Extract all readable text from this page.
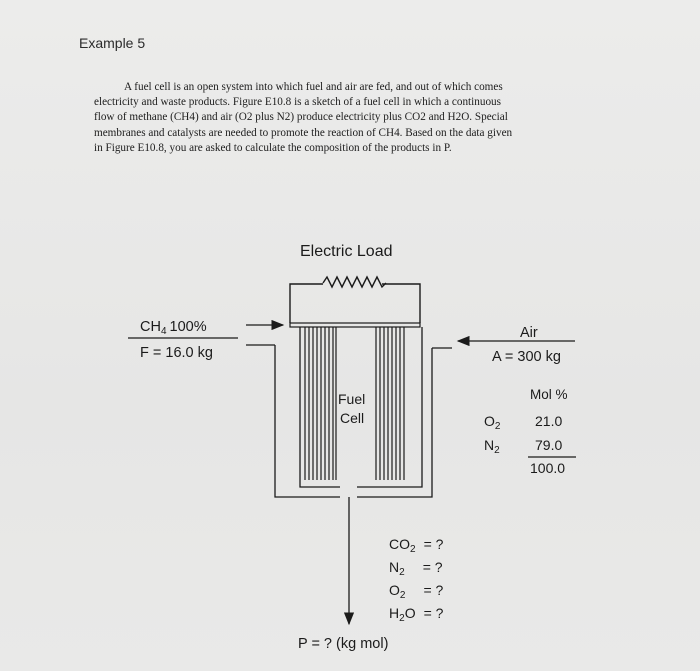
Example 5
A fuel cell is an open system into which fuel and air are fed, and out of which comes
electricity and waste products. Figure E10.8 is a sketch of a fuel cell in which a continuous
flow of methane (CH4) and air (O2 plus N2) produce electricity plus CO2 and H2O. Special
membranes and catalysts are needed to promote the reaction of CH4. Based on the data given
in Figure E10.8, you are asked to calculate the composition of the products in P.
Electric Load
Fuel
Cell
$CH_4$ 100%
F = 16.0 kg
Air
A = 300 kg
Mol %
$O_2$ 21.0
$N_2$	79.0
100.0
$CO_2$ = ?
$N_2$ = ?
$O_2$ = ?
$H_2O$ = ?
P = ? (kg mol)
